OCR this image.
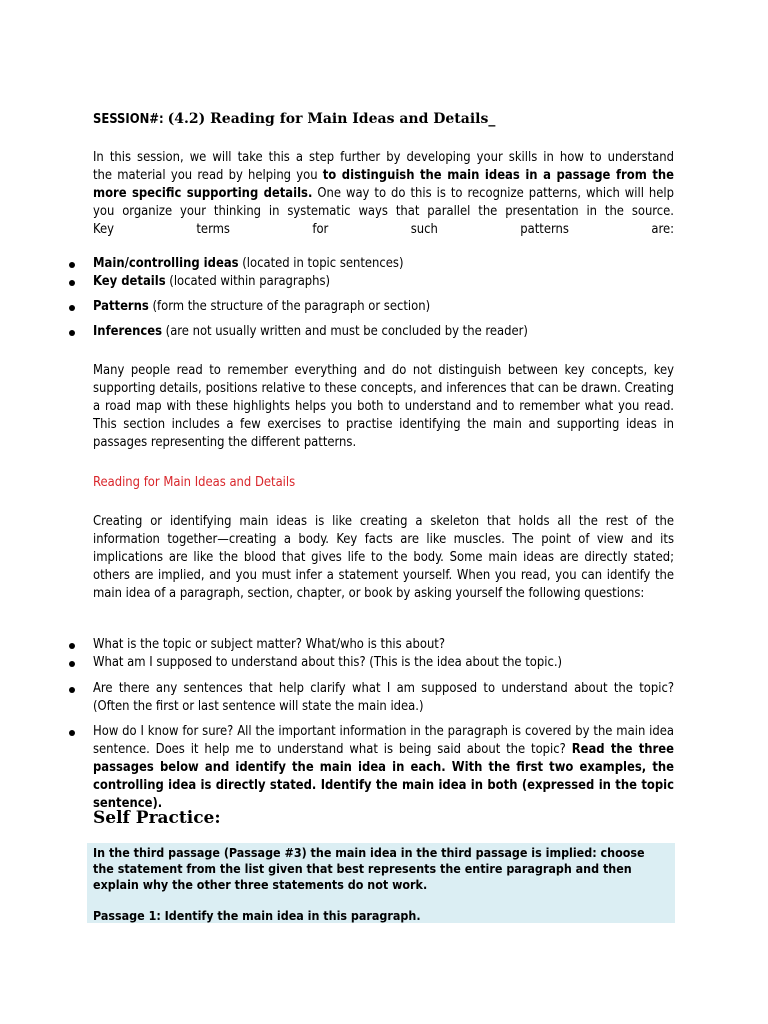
SESSION#: (4.2) Reading for Main Ideas and Details_

In this session, we will take this a step further by developing your skills in how to understand
the material you read by helping you to distinguish the main ideas in a passage from the
more specific supporting details. One way to do this is to recognize patterns, which will help
you organize your thinking in systematic ways that parallel the presentation in the source.
Key terms for such patterns are:

Main/controlling ideas (located in topic sentences)
Key details (located within paragraphs)
Patterns (form the structure of the paragraph or section)
Inferences (are not usually written and must be concluded by the reader)

Many people read to remember everything and do not distinguish between key concepts, key supporting details, positions relative to these concepts, and inferences that can be drawn. Creating a road map with these highlights helps you both to understand and to remember what you read. This section includes a few exercises to practise identifying the main and supporting ideas in passages representing the different patterns.

Reading for Main Ideas and Details

Creating or identifying main ideas is like creating a skeleton that holds all the rest of the information together—creating a body. Key facts are like muscles. The point of view and its implications are like the blood that gives life to the body. Some main ideas are directly stated; others are implied, and you must infer a statement yourself. When you read, you can identify the main idea of a paragraph, section, chapter, or book by asking yourself the following questions:

What is the topic or subject matter? What/who is this about?
What am I supposed to understand about this? (This is the idea about the topic.)

Are there any sentences that help clarify what I am supposed to understand about the topic? (Often the first or last sentence will state the main idea.)

How do I know for sure? All the important information in the paragraph is covered by the main idea sentence. Does it help me to understand what is being said about the topic? Read the three passages below and identify the main idea in each. With the first two examples, the controlling idea is directly stated. Identify the main idea in both (expressed in the topic sentence).

Self Practice:

In the third passage (Passage #3) the main idea in the third passage is implied: choose the statement from the list given that best represents the entire paragraph and then explain why the other three statements do not work.

Passage 1: Identify the main idea in this paragraph.
